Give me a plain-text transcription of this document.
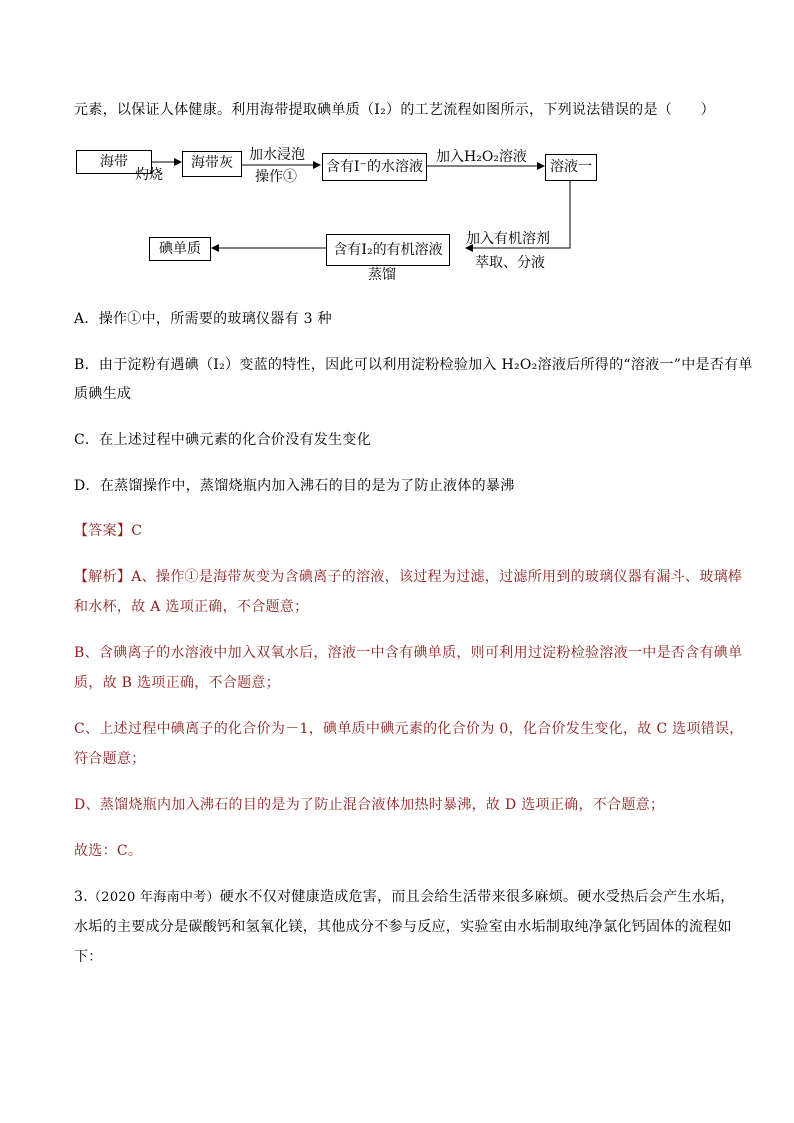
元素，以保证人体健康。利用海带提取碘单质（I₂）的工艺流程如图所示，下列说法错误的是（　　）
海带	海带灰	含有I⁻的水溶液	溶液一
含有I₂的有机溶液
碘单质
灼烧
加水浸泡
操作①
加入H₂O₂溶液
加入有机溶剂
萃取、分液
蒸馏
A．操作①中，所需要的玻璃仪器有 3 种
B．由于淀粉有遇碘（I₂）变蓝的特性，因此可以利用淀粉检验加入 H₂O₂溶液后所得的“溶液一”中是否有单
质碘生成
C．在上述过程中碘元素的化合价没有发生变化
D．在蒸馏操作中，蒸馏烧瓶内加入沸石的目的是为了防止液体的暴沸
【答案】C
【解析】A、操作①是海带灰变为含碘离子的溶液，该过程为过滤，过滤所用到的玻璃仪器有漏斗、玻璃棒
和水杯，故 A 选项正确，不合题意；
B、含碘离子的水溶液中加入双氧水后，溶液一中含有碘单质，则可利用过淀粉检验溶液一中是否含有碘单
质，故 B 选项正确，不合题意；
C、上述过程中碘离子的化合价为－1，碘单质中碘元素的化合价为 0，化合价发生变化，故 C 选项错误，
符合题意；
D、蒸馏烧瓶内加入沸石的目的是为了防止混合液体加热时暴沸，故 D 选项正确，不合题意；
故选：C。
3.（2020 年海南中考）硬水不仅对健康造成危害，而且会给生活带来很多麻烦。硬水受热后会产生水垢，
水垢的主要成分是碳酸钙和氢氧化镁，其他成分不参与反应，实验室由水垢制取纯净氯化钙固体的流程如
下：
